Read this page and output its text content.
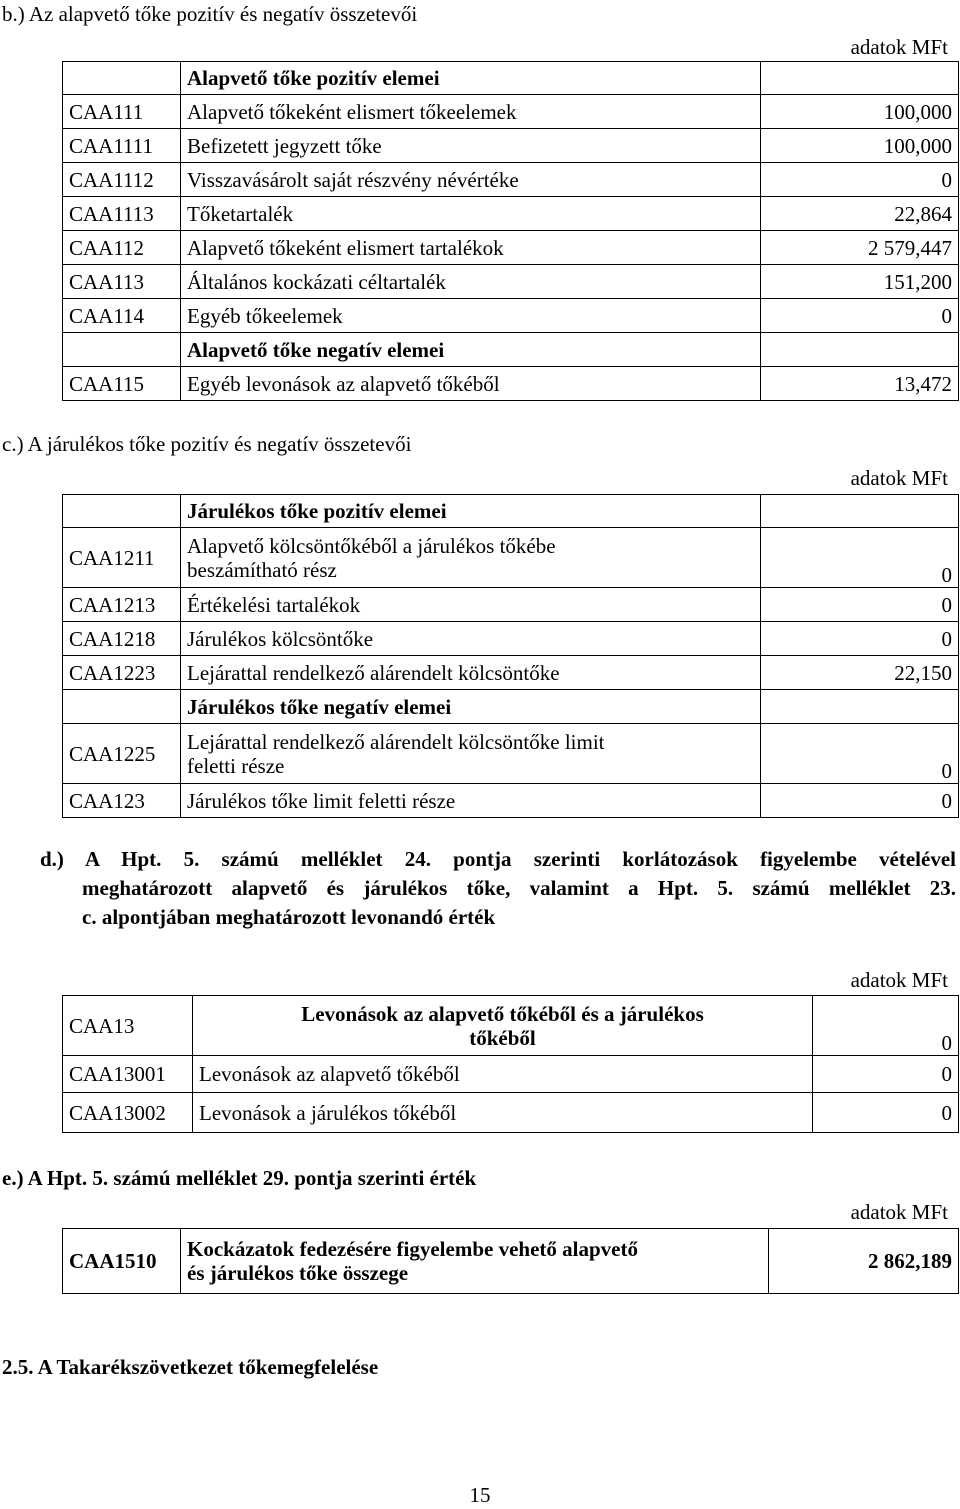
b.) Az alapvető tőke pozitív és negatív összetevői
adatok MFt
	Alapvető tőke pozitív elemei	
CAA111	Alapvető tőkeként elismert tőkeelemek	100,000
CAA1111	Befizetett jegyzett tőke	100,000
CAA1112	Visszavásárolt saját részvény névértéke	0
CAA1113	Tőketartalék	22,864
CAA112	Alapvető tőkeként elismert tartalékok	2 579,447
CAA113	Általános kockázati céltartalék	151,200
CAA114	Egyéb tőkeelemek	0
	Alapvető tőke negatív elemei	
CAA115	Egyéb levonások az alapvető tőkéből	13,472
c.) A járulékos tőke pozitív és negatív összetevői
adatok MFt
	Járulékos tőke pozitív elemei	
CAA1211	Alapvető kölcsöntőkéből a járulékos tőkébe
beszámítható rész	0
CAA1213	Értékelési tartalékok	0
CAA1218	Járulékos kölcsöntőke	0
CAA1223	Lejárattal rendelkező alárendelt kölcsöntőke	22,150
	Járulékos tőke negatív elemei	
CAA1225	Lejárattal rendelkező alárendelt kölcsöntőke limit
feletti része	0
CAA123	Járulékos tőke limit feletti része	0
d.) A Hpt. 5. számú melléklet 24. pontja szerinti korlátozások figyelembe vételével
meghatározott alapvető és járulékos tőke, valamint a Hpt. 5. számú melléklet 23.
c. alpontjában meghatározott levonandó érték
adatok MFt
CAA13	Levonások az alapvető tőkéből és a járulékos
tőkéből	0
CAA13001	Levonások az alapvető tőkéből	0
CAA13002	Levonások a járulékos tőkéből	0
e.) A Hpt. 5. számú melléklet 29. pontja szerinti érték
adatok MFt
CAA1510	Kockázatok fedezésére figyelembe vehető alapvető
és járulékos tőke összege	2 862,189
2.5. A Takarékszövetkezet tőkemegfelelése
15
